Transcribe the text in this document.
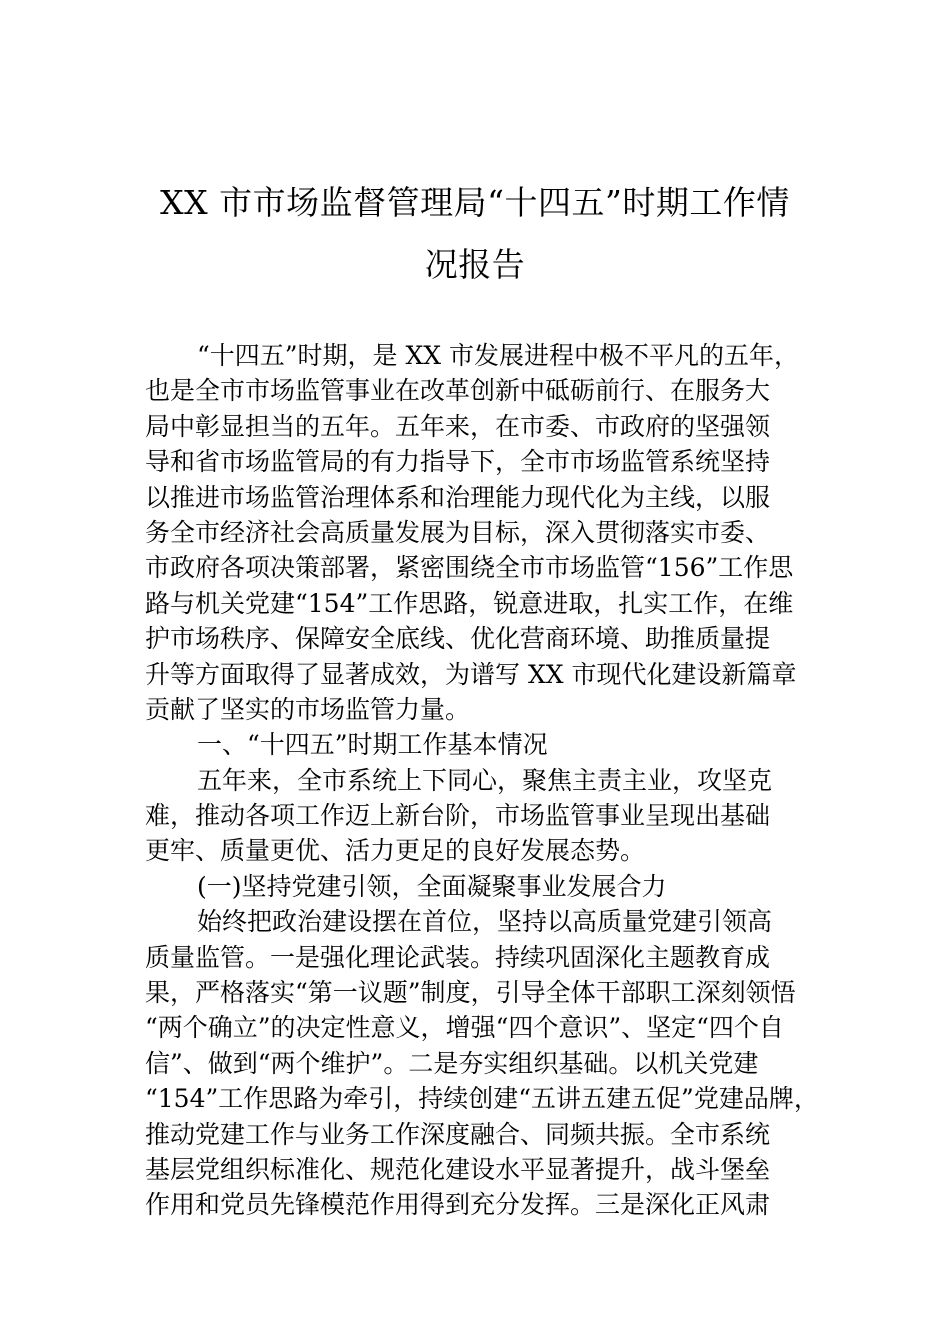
XX 市市场监督管理局“十四五”时期工作情
况报告
“十四五”时期，是 XX 市发展进程中极不平凡的五年，
也是全市市场监管事业在改革创新中砥砺前行、在服务大
局中彰显担当的五年。五年来，在市委、市政府的坚强领
导和省市场监管局的有力指导下，全市市场监管系统坚持
以推进市场监管治理体系和治理能力现代化为主线，以服
务全市经济社会高质量发展为目标，深入贯彻落实市委、
市政府各项决策部署，紧密围绕全市市场监管“156”工作思
路与机关党建“154”工作思路，锐意进取，扎实工作，在维
护市场秩序、保障安全底线、优化营商环境、助推质量提
升等方面取得了显著成效，为谱写 XX 市现代化建设新篇章
贡献了坚实的市场监管力量。
一、“十四五”时期工作基本情况
五年来，全市系统上下同心，聚焦主责主业，攻坚克
难，推动各项工作迈上新台阶，市场监管事业呈现出基础
更牢、质量更优、活力更足的良好发展态势。
(一)坚持党建引领，全面凝聚事业发展合力
始终把政治建设摆在首位，坚持以高质量党建引领高
质量监管。一是强化理论武装。持续巩固深化主题教育成
果，严格落实“第一议题”制度，引导全体干部职工深刻领悟
“两个确立”的决定性意义，增强“四个意识”、坚定“四个自
信”、做到“两个维护”。二是夯实组织基础。以机关党建
“154”工作思路为牵引，持续创建“五讲五建五促”党建品牌，
推动党建工作与业务工作深度融合、同频共振。全市系统
基层党组织标准化、规范化建设水平显著提升，战斗堡垒
作用和党员先锋模范作用得到充分发挥。三是深化正风肃
